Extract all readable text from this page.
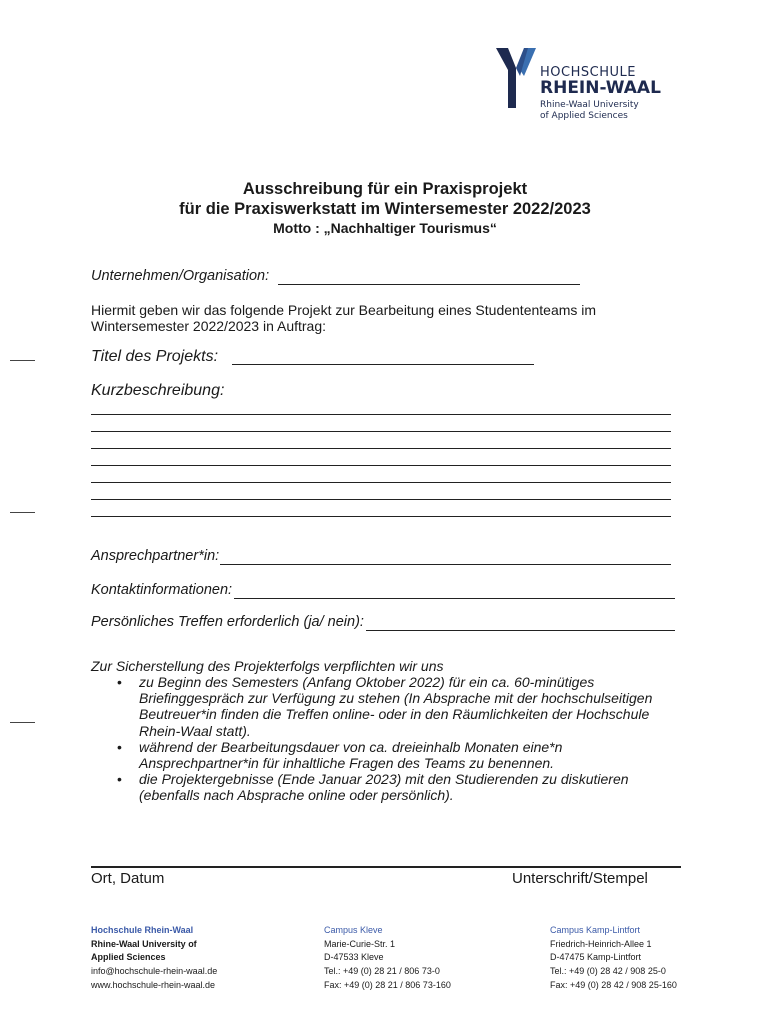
HOCHSCHULE
RHEIN-WAAL
Rhine-Waal University
of Applied Sciences
Ausschreibung für ein Praxisprojekt
für die Praxiswerkstatt im Wintersemester 2022/2023
Motto : „Nachhaltiger Tourismus“
Unternehmen/Organisation:
Hiermit geben wir das folgende Projekt zur Bearbeitung eines Studententeams im Wintersemester 2022/2023 in Auftrag:
Titel des Projekts:
Kurzbeschreibung:
Ansprechpartner*in:
Kontaktinformationen:
Persönliches Treffen erforderlich (ja/ nein):
Zur Sicherstellung des Projekterfolgs verpflichten wir uns
• zu Beginn des Semesters (Anfang Oktober 2022) für ein ca. 60-minütiges Briefinggespräch zur Verfügung zu stehen (In Absprache mit der hochschulseitigen Beutreuer*in finden die Treffen online- oder in den Räumlichkeiten der Hochschule Rhein-Waal statt).
• während der Bearbeitungsdauer von ca. dreieinhalb Monaten eine*n Ansprechpartner*in für inhaltliche Fragen des Teams zu benennen.
• die Projektergebnisse (Ende Januar 2023) mit den Studierenden zu diskutieren (ebenfalls nach Absprache online oder persönlich).
Ort, Datum	Unterschrift/Stempel
Hochschule Rhein-Waal
Rhine-Waal University of
Applied Sciences
info@hochschule-rhein-waal.de
www.hochschule-rhein-waal.de
Campus Kleve
Marie-Curie-Str. 1
D-47533 Kleve
Tel.: +49 (0) 28 21 / 806 73-0
Fax: +49 (0) 28 21 / 806 73-160
Campus Kamp-Lintfort
Friedrich-Heinrich-Allee 1
D-47475 Kamp-Lintfort
Tel.: +49 (0) 28 42 / 908 25-0
Fax: +49 (0) 28 42 / 908 25-160
